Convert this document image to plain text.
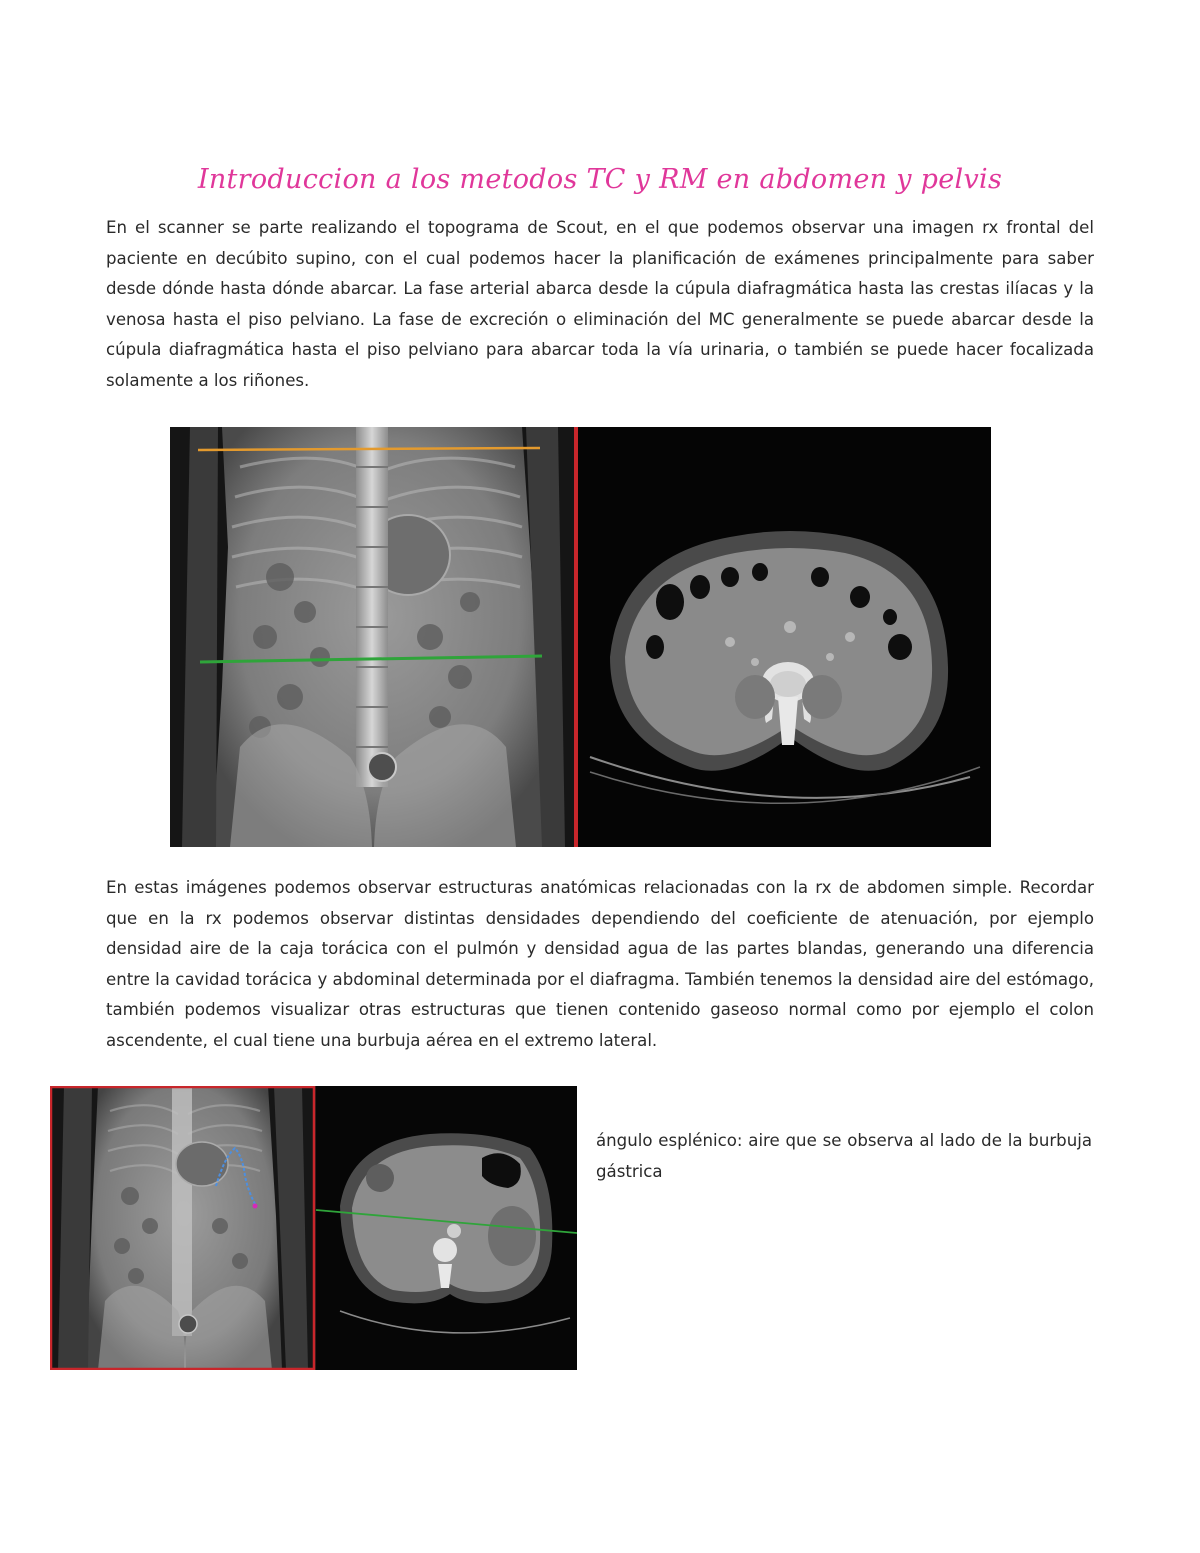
Introduccion a los metodos TC y RM en abdomen y pelvis
En el scanner se parte realizando el topograma de Scout, en el que podemos observar una imagen rx frontal del paciente en decúbito supino, con el cual podemos hacer la planificación de exámenes principalmente para saber desde dónde hasta dónde abarcar. La fase arterial abarca desde la cúpula diafragmática hasta las crestas ilíacas y la venosa hasta el piso pelviano. La fase de excreción o eliminación del MC generalmente se puede abarcar desde la cúpula diafragmática hasta el piso pelviano para abarcar toda la vía urinaria, o también se puede hacer focalizada solamente a los riñones.
En estas imágenes podemos observar estructuras anatómicas relacionadas con la rx de abdomen simple. Recordar que en la rx podemos observar distintas densidades dependiendo del coeficiente de atenuación, por ejemplo densidad aire de la caja torácica con el pulmón y densidad agua de las partes blandas, generando una diferencia entre la cavidad torácica y abdominal determinada por el diafragma. También tenemos la densidad aire del estómago, también podemos visualizar otras estructuras que tienen contenido gaseoso normal como por ejemplo el colon ascendente, el cual tiene una burbuja aérea en el extremo lateral.
ángulo esplénico: aire que se observa al lado de la burbuja gástrica
